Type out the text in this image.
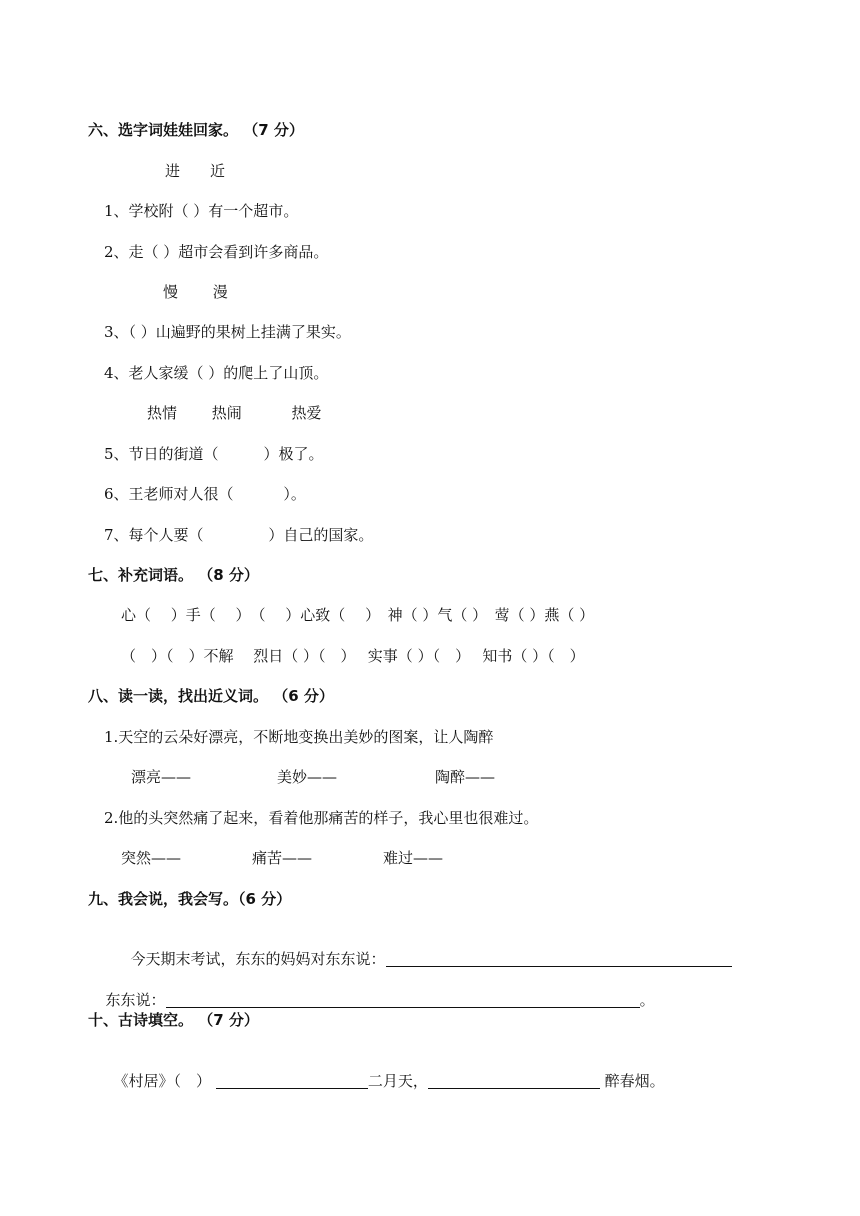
六、选字词娃娃回家。 （7 分）
进　　近
1、学校附（ ）有一个超市。
2、走（ ）超市会看到许多商品。
慢　　 漫
3、（ ）山遍野的果树上挂满了果实。
4、老人家缓（ ）的爬上了山顶。
热情　　 热闹　　　 热爱
5、节日的街道（　　　）极了。
6、王老师对人很（　　　 ）。
7、每个人要（　　　　 ）自己的国家。
七、补充词语。 （8 分）
心（　 ）手（　 ）　（　 ）心致（　 ）　神（ ）气（ ）　莺（ ）燕（ ）
（　）（　）不解　 烈日（ ）（　）　 实事（ ）（　）　 知书（ ）（　）
八、读一读，找出近义词。 （6 分）
1.天空的云朵好漂亮，不断地变换出美妙的图案，让人陶醉
漂亮——	美妙——	陶醉——
2.他的头突然痛了起来，看着他那痛苦的样子，我心里也很难过。
突然——	痛苦——	难过——
九、我会说，我会写。（6 分）

今天期末考试，东东的妈妈对东东说：

东东说：	。

十、古诗填空。 （7 分）

《村居》（　）	二月天，	醉春烟。
